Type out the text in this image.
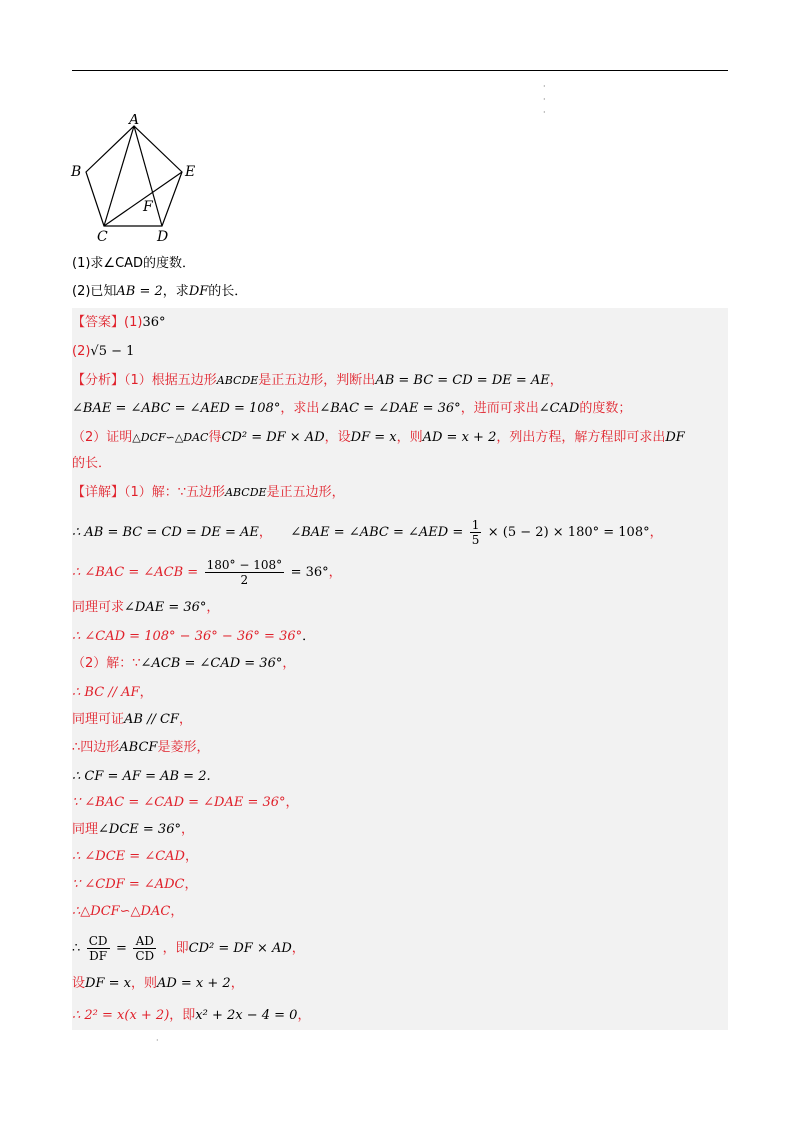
·
·
·
A
B
C	D
E
F
(1)求∠CAD的度数．
(2)已知AB = 2，求DF的长．
【答案】(1)36°
(2)√5 − 1
【分析】（1）根据五边形ABCDE是正五边形，判断出AB = BC = CD = DE = AE，
∠BAE = ∠ABC = ∠AED = 108°，求出∠BAC = ∠DAE = 36°，进而可求出∠CAD的度数；
（2）证明△DCF∽△DAC得CD² = DF × AD，设DF = x，则AD = x + 2，列出方程，解方程即可求出DF
的长．
【详解】（1）解：∵五边形ABCDE是正五边形，
∴ AB = BC = CD = DE = AE， ∠BAE = ∠ABC = ∠AED = $\frac{1}{5} \times (5 - 2) \times 180^\circ = 108^\circ$，
∴ ∠BAC = ∠ACB = $\frac{180^\circ - 108^\circ}{2} = 36^\circ$，
同理可求∠DAE = 36°，
∴ ∠CAD = 108° − 36° − 36° = 36°．
（2）解：∵∠ACB = ∠CAD = 36°，
∴ BC // AF，
同理可证AB // CF，
∴四边形ABCF是菱形，
∴ CF = AF = AB = 2.
∵ ∠BAC = ∠CAD = ∠DAE = 36°，
同理∠DCE = 36°，
∴ ∠DCE = ∠CAD，
∵ ∠CDF = ∠ADC，
∴△DCF∽△DAC，
∴ $\frac{CD}{DF} = \frac{AD}{CD}$ ，即CD² = DF × AD，
设DF = x，则AD = x + 2，
∴ 2² = x(x + 2)，即x² + 2x − 4 = 0，
·
